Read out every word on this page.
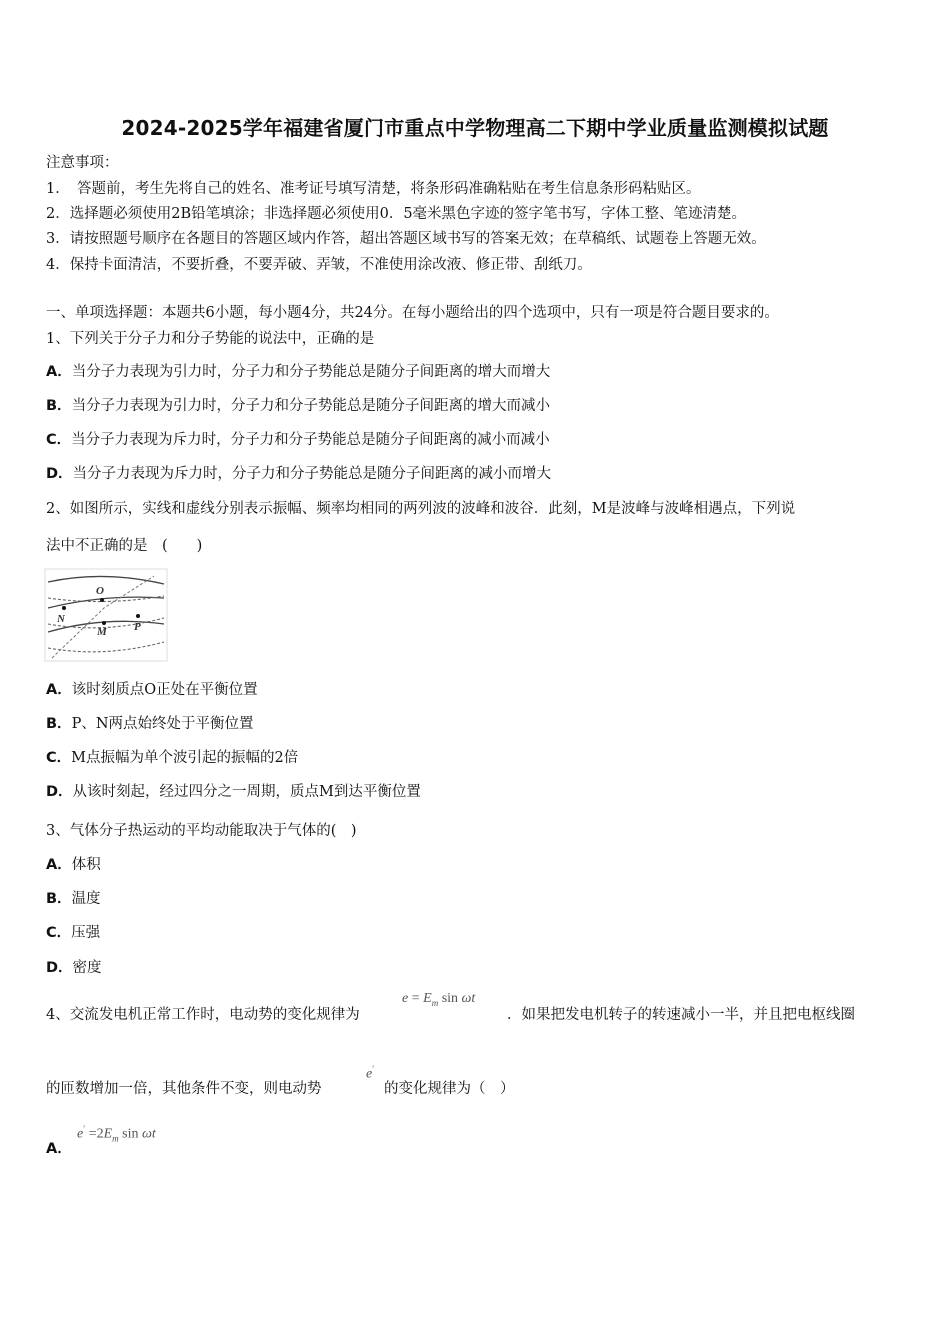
2024-2025学年福建省厦门市重点中学物理高二下期中学业质量监测模拟试题
注意事项：
1．　答题前，考生先将自己的姓名、准考证号填写清楚，将条形码准确粘贴在考生信息条形码粘贴区。
2．选择题必须使用2B铅笔填涂；非选择题必须使用0．5毫米黑色字迹的签字笔书写，字体工整、笔迹清楚。
3．请按照题号顺序在各题目的答题区域内作答，超出答题区域书写的答案无效；在草稿纸、试题卷上答题无效。
4．保持卡面清洁，不要折叠，不要弄破、弄皱，不准使用涂改液、修正带、刮纸刀。
一、单项选择题：本题共6小题，每小题4分，共24分。在每小题给出的四个选项中，只有一项是符合题目要求的。
1、下列关于分子力和分子势能的说法中，正确的是
A．当分子力表现为引力时，分子力和分子势能总是随分子间距离的增大而增大
B．当分子力表现为引力时，分子力和分子势能总是随分子间距离的增大而减小
C．当分子力表现为斥力时，分子力和分子势能总是随分子间距离的减小而减小
D．当分子力表现为斥力时，分子力和分子势能总是随分子间距离的减小而增大
2、如图所示，实线和虚线分别表示振幅、频率均相同的两列波的波峰和波谷．此刻，M是波峰与波峰相遇点，下列说
法中不正确的是　(　　)
O
N
M P
A．该时刻质点O正处在平衡位置
B．P、N两点始终处于平衡位置
C．M点振幅为单个波引起的振幅的2倍
D．从该时刻起，经过四分之一周期，质点M到达平衡位置
3、气体分子热运动的平均动能取决于气体的(　)
A．体积
B．温度
C．压强
D．密度
4、交流发电机正常工作时，电动势的变化规律为
$e = E_m$ sin ωt
．如果把发电机转子的转速减小一半，并且把电枢线圈
的匝数增加一倍，其他条件不变，则电动势
e′
的变化规律为（　）
A．
$e' =2E_m$ sin ωt
